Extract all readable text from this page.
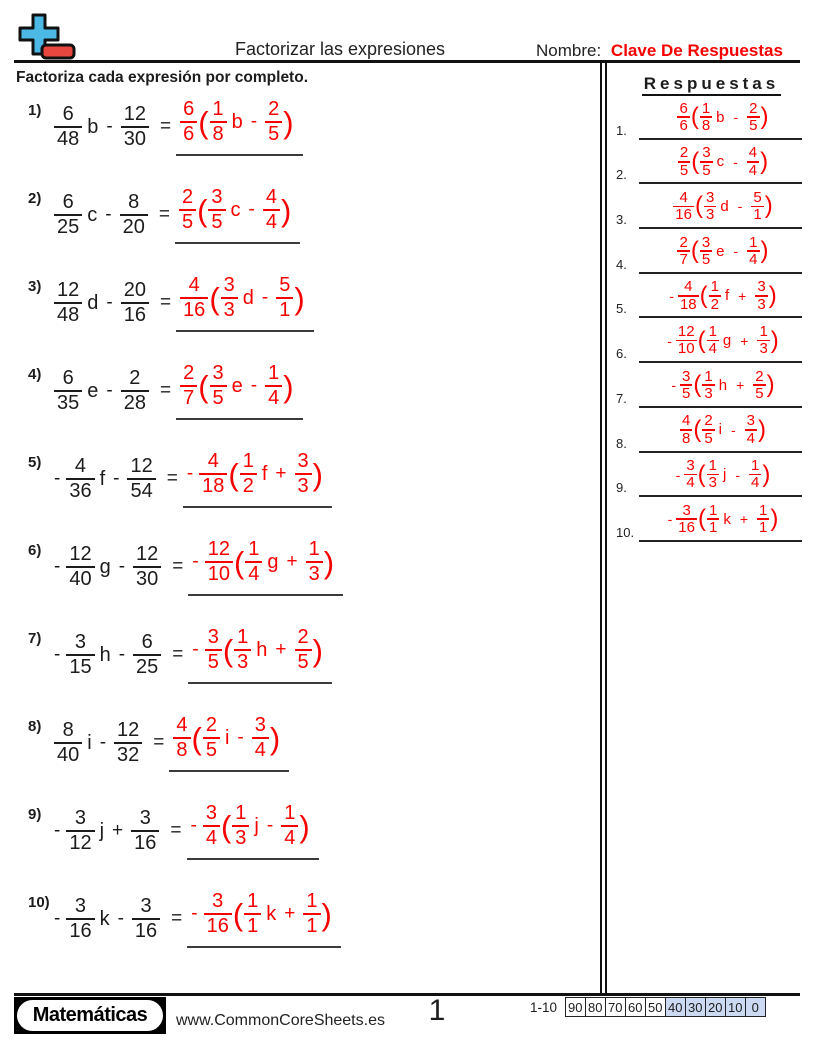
Factorizar las expresiones	Nombre: Clave De Respuestas
Factoriza cada expresión por completo.
$1) \frac{6}{48}$ $b - \frac{12}{30} = \frac{6}{6}$ ( $\frac{1}{8}$ b - $\frac{2}{5}$ )
$2) \frac{6}{25}$ $c - \frac{8}{20} = \frac{2}{5}$ ( $\frac{3}{5}$ c - $\frac{4}{4}$ )
$3) \frac{12}{48}$ $d - \frac{20}{16} = \frac{4}{16}$ ( $\frac{3}{3}$ d - $\frac{5}{1}$ )
$4) \frac{6}{35}$ $e - \frac{2}{28} = \frac{2}{7}$ ( $\frac{3}{5}$ e - $\frac{1}{4}$ )
5)
- $\frac{4}{36}$ f - $\frac{12}{54}$ = - $\frac{4}{18}$ ( $\frac{1}{2}$ $f + \frac{3}{3}$ )
6)
- $\frac{12}{40}$ g - $\frac{12}{30}$ = - $\frac{12}{10}$ ( $\frac{1}{4}$ $g + \frac{1}{3}$ )
7)
- $\frac{3}{15}$ h - $\frac{6}{25}$ = - $\frac{3}{5}$ ( $\frac{1}{3}$ $h + \frac{2}{5}$ )
$8) \frac{8}{40}$ $i - \frac{12}{32} = \frac{4}{8}$ ( $\frac{2}{5}$ i - $\frac{3}{4}$ )
9)
- $\frac{3}{12}$ $j + \frac{3}{16}$ = - $\frac{3}{4}$ ( $\frac{1}{3}$ j - $\frac{1}{4}$ )
10)
- $\frac{3}{16}$ k - $\frac{3}{16}$ = - $\frac{3}{16}$ ( $\frac{1}{1}$ $k + \frac{1}{1}$ )
Respuestas
1.	$\frac{6}{6}$ ( $\frac{1}{8}$ b - $\frac{2}{5}$ )
2.	$\frac{2}{5}$ ( $\frac{3}{5}$ c - $\frac{4}{4}$ )
3.	$\frac{4}{16}$ ( $\frac{3}{3}$ d - $\frac{5}{1}$ )
4.	$\frac{2}{7}$ ( $\frac{3}{5}$ e - $\frac{1}{4}$ )
5.
- $\frac{4}{18}$ ( $\frac{1}{2}$ $f + \frac{3}{3}$ )
6.
- $\frac{12}{10}$ ( $\frac{1}{4}$ $g + \frac{1}{3}$ )
7.
- $\frac{3}{5}$ ( $\frac{1}{3}$ $h + \frac{2}{5}$ )
8.	$\frac{4}{8}$ ( $\frac{2}{5}$ i - $\frac{3}{4}$ )
9.
- $\frac{3}{4}$ ( $\frac{1}{3}$ j - $\frac{1}{4}$ )
10.
- $\frac{3}{16}$ ( $\frac{1}{1}$ $k + \frac{1}{1}$ )
Matemáticas www.CommonCoreSheets.es	1	1-10 90 80 70 60 50 40 30 20 10 0
